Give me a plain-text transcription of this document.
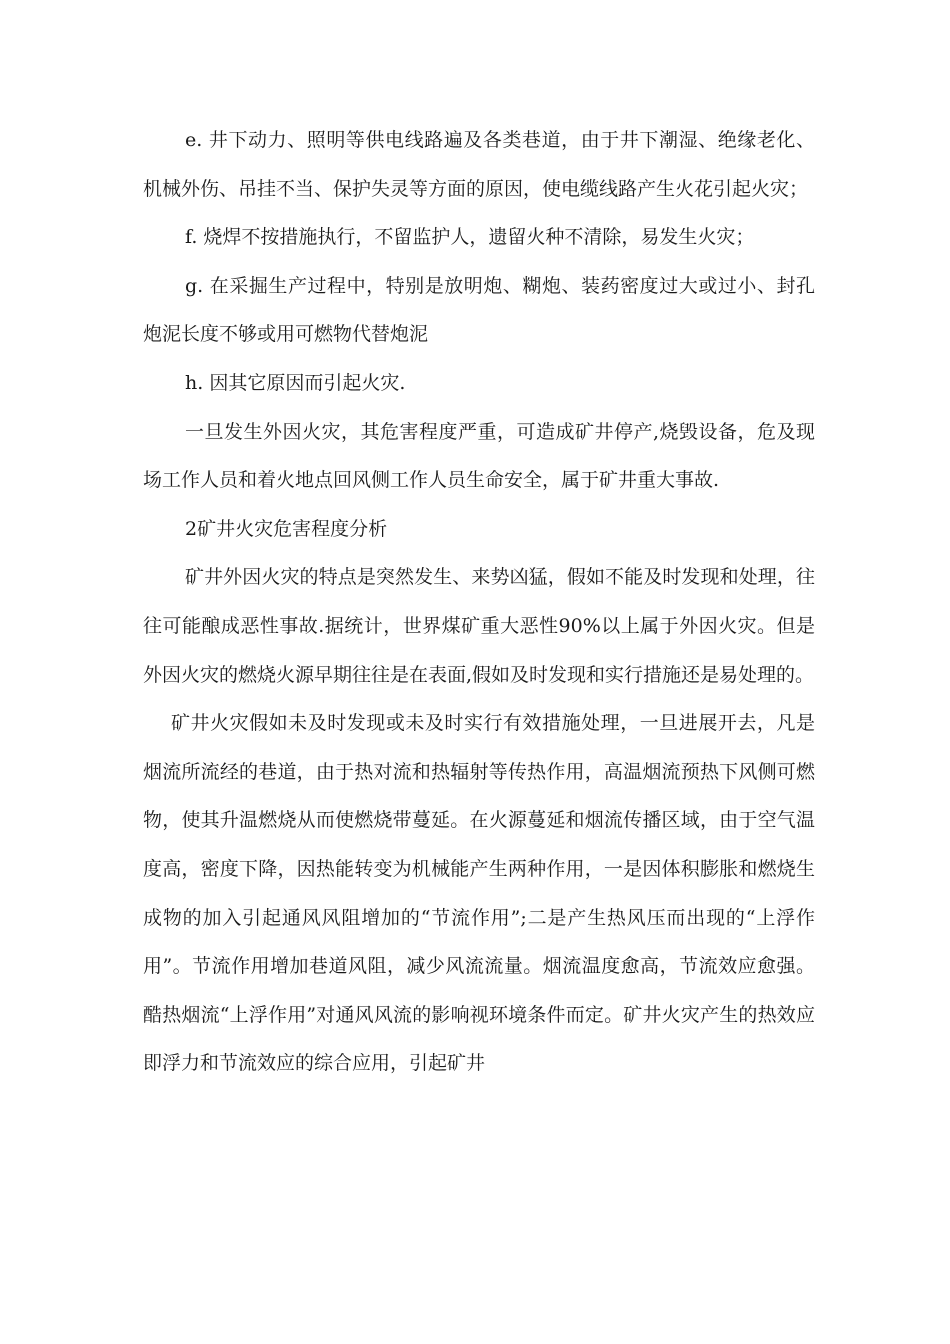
e. 井下动力、照明等供电线路遍及各类巷道，由于井下潮湿、绝缘老化、机械外伤、吊挂不当、保护失灵等方面的原因，使电缆线路产生火花引起火灾；

f. 烧焊不按措施执行，不留监护人，遗留火种不清除，易发生火灾；

g. 在采掘生产过程中，特别是放明炮、糊炮、装药密度过大或过小、封孔炮泥长度不够或用可燃物代替炮泥

h. 因其它原因而引起火灾.

一旦发生外因火灾，其危害程度严重，可造成矿井停产,烧毁设备，危及现场工作人员和着火地点回风侧工作人员生命安全，属于矿井重大事故.

2矿井火灾危害程度分析

矿井外因火灾的特点是突然发生、来势凶猛，假如不能及时发现和处理，往往可能酿成恶性事故.据统计，世界煤矿重大恶性90%以上属于外因火灾。但是外因火灾的燃烧火源早期往往是在表面,假如及时发现和实行措施还是易处理的。

矿井火灾假如未及时发现或未及时实行有效措施处理，一旦进展开去，凡是烟流所流经的巷道，由于热对流和热辐射等传热作用，高温烟流预热下风侧可燃物，使其升温燃烧从而使燃烧带蔓延。在火源蔓延和烟流传播区域，由于空气温度高，密度下降，因热能转变为机械能产生两种作用，一是因体积膨胀和燃烧生成物的加入引起通风风阻增加的“节流作用”;二是产生热风压而出现的“上浮作用”。节流作用增加巷道风阻，减少风流流量。烟流温度愈高，节流效应愈强。酷热烟流“上浮作用”对通风风流的影响视环境条件而定。矿井火灾产生的热效应即浮力和节流效应的综合应用，引起矿井
